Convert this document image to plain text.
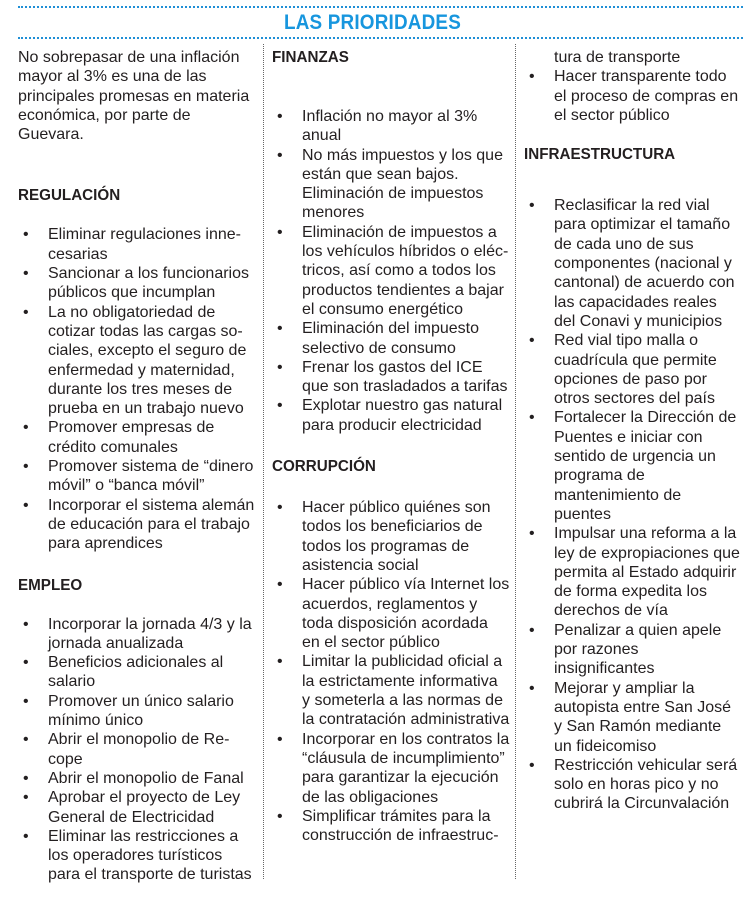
LAS PRIORIDADES

No sobrepasar de una inflación mayor al 3% es una de las principales promesas en materia económica, por parte de Guevara.

REGULACIÓN
• Eliminar regulaciones innecesarias
• Sancionar a los funcionarios públicos que incumplan
• La no obligatoriedad de cotizar todas las cargas sociales, excepto el seguro de enfermedad y maternidad, durante los tres meses de prueba en un trabajo nuevo
• Promover empresas de crédito comunales
• Promover sistema de “dinero móvil” o “banca móvil”
• Incorporar el sistema alemán de educación para el trabajo para aprendices
EMPLEO
• Incorporar la jornada 4/3 y la jornada anualizada
• Beneficios adicionales al salario
• Promover un único salario mínimo único
• Abrir el monopolio de Recope
• Abrir el monopolio de Fanal
• Aprobar el proyecto de Ley General de Electricidad
• Eliminar las restricciones a los operadores turísticos para el transporte de turistas
FINANZAS
• Inflación no mayor al 3% anual
• No más impuestos y los que están que sean bajos. Eliminación de impuestos menores
• Eliminación de impuestos a los vehículos híbridos o eléctricos, así como a todos los productos tendientes a bajar el consumo energético
• Eliminación del impuesto selectivo de consumo
• Frenar los gastos del ICE que son trasladados a tarifas
• Explotar nuestro gas natural para producir electricidad
CORRUPCIÓN
• Hacer público quiénes son todos los beneficiarios de todos los programas de asistencia social
• Hacer público vía Internet los acuerdos, reglamentos y toda disposición acordada en el sector público
• Limitar la publicidad oficial a la estrictamente informativa y someterla a las normas de la contratación administrativa
• Incorporar en los contratos la “cláusula de incumplimiento” para garantizar la ejecución de las obligaciones
• Simplificar trámites para la construcción de infraestruc-
tura de transporte
• Hacer transparente todo el proceso de compras en el sector público
INFRAESTRUCTURA
• Reclasificar la red vial para optimizar el tamaño de cada uno de sus componentes (nacional y cantonal) de acuerdo con las capacidades reales del Conavi y municipios
• Red vial tipo malla o cuadrícula que permite opciones de paso por otros sectores del país
• Fortalecer la Dirección de Puentes e iniciar con sentido de urgencia un programa de mantenimiento de puentes
• Impulsar una reforma a la ley de expropiaciones que permita al Estado adquirir de forma expedita los derechos de vía
• Penalizar a quien apele por razones insignificantes
• Mejorar y ampliar la autopista entre San José y San Ramón mediante un fideicomiso
• Restricción vehicular será solo en horas pico y no cubrirá la Circunvalación
